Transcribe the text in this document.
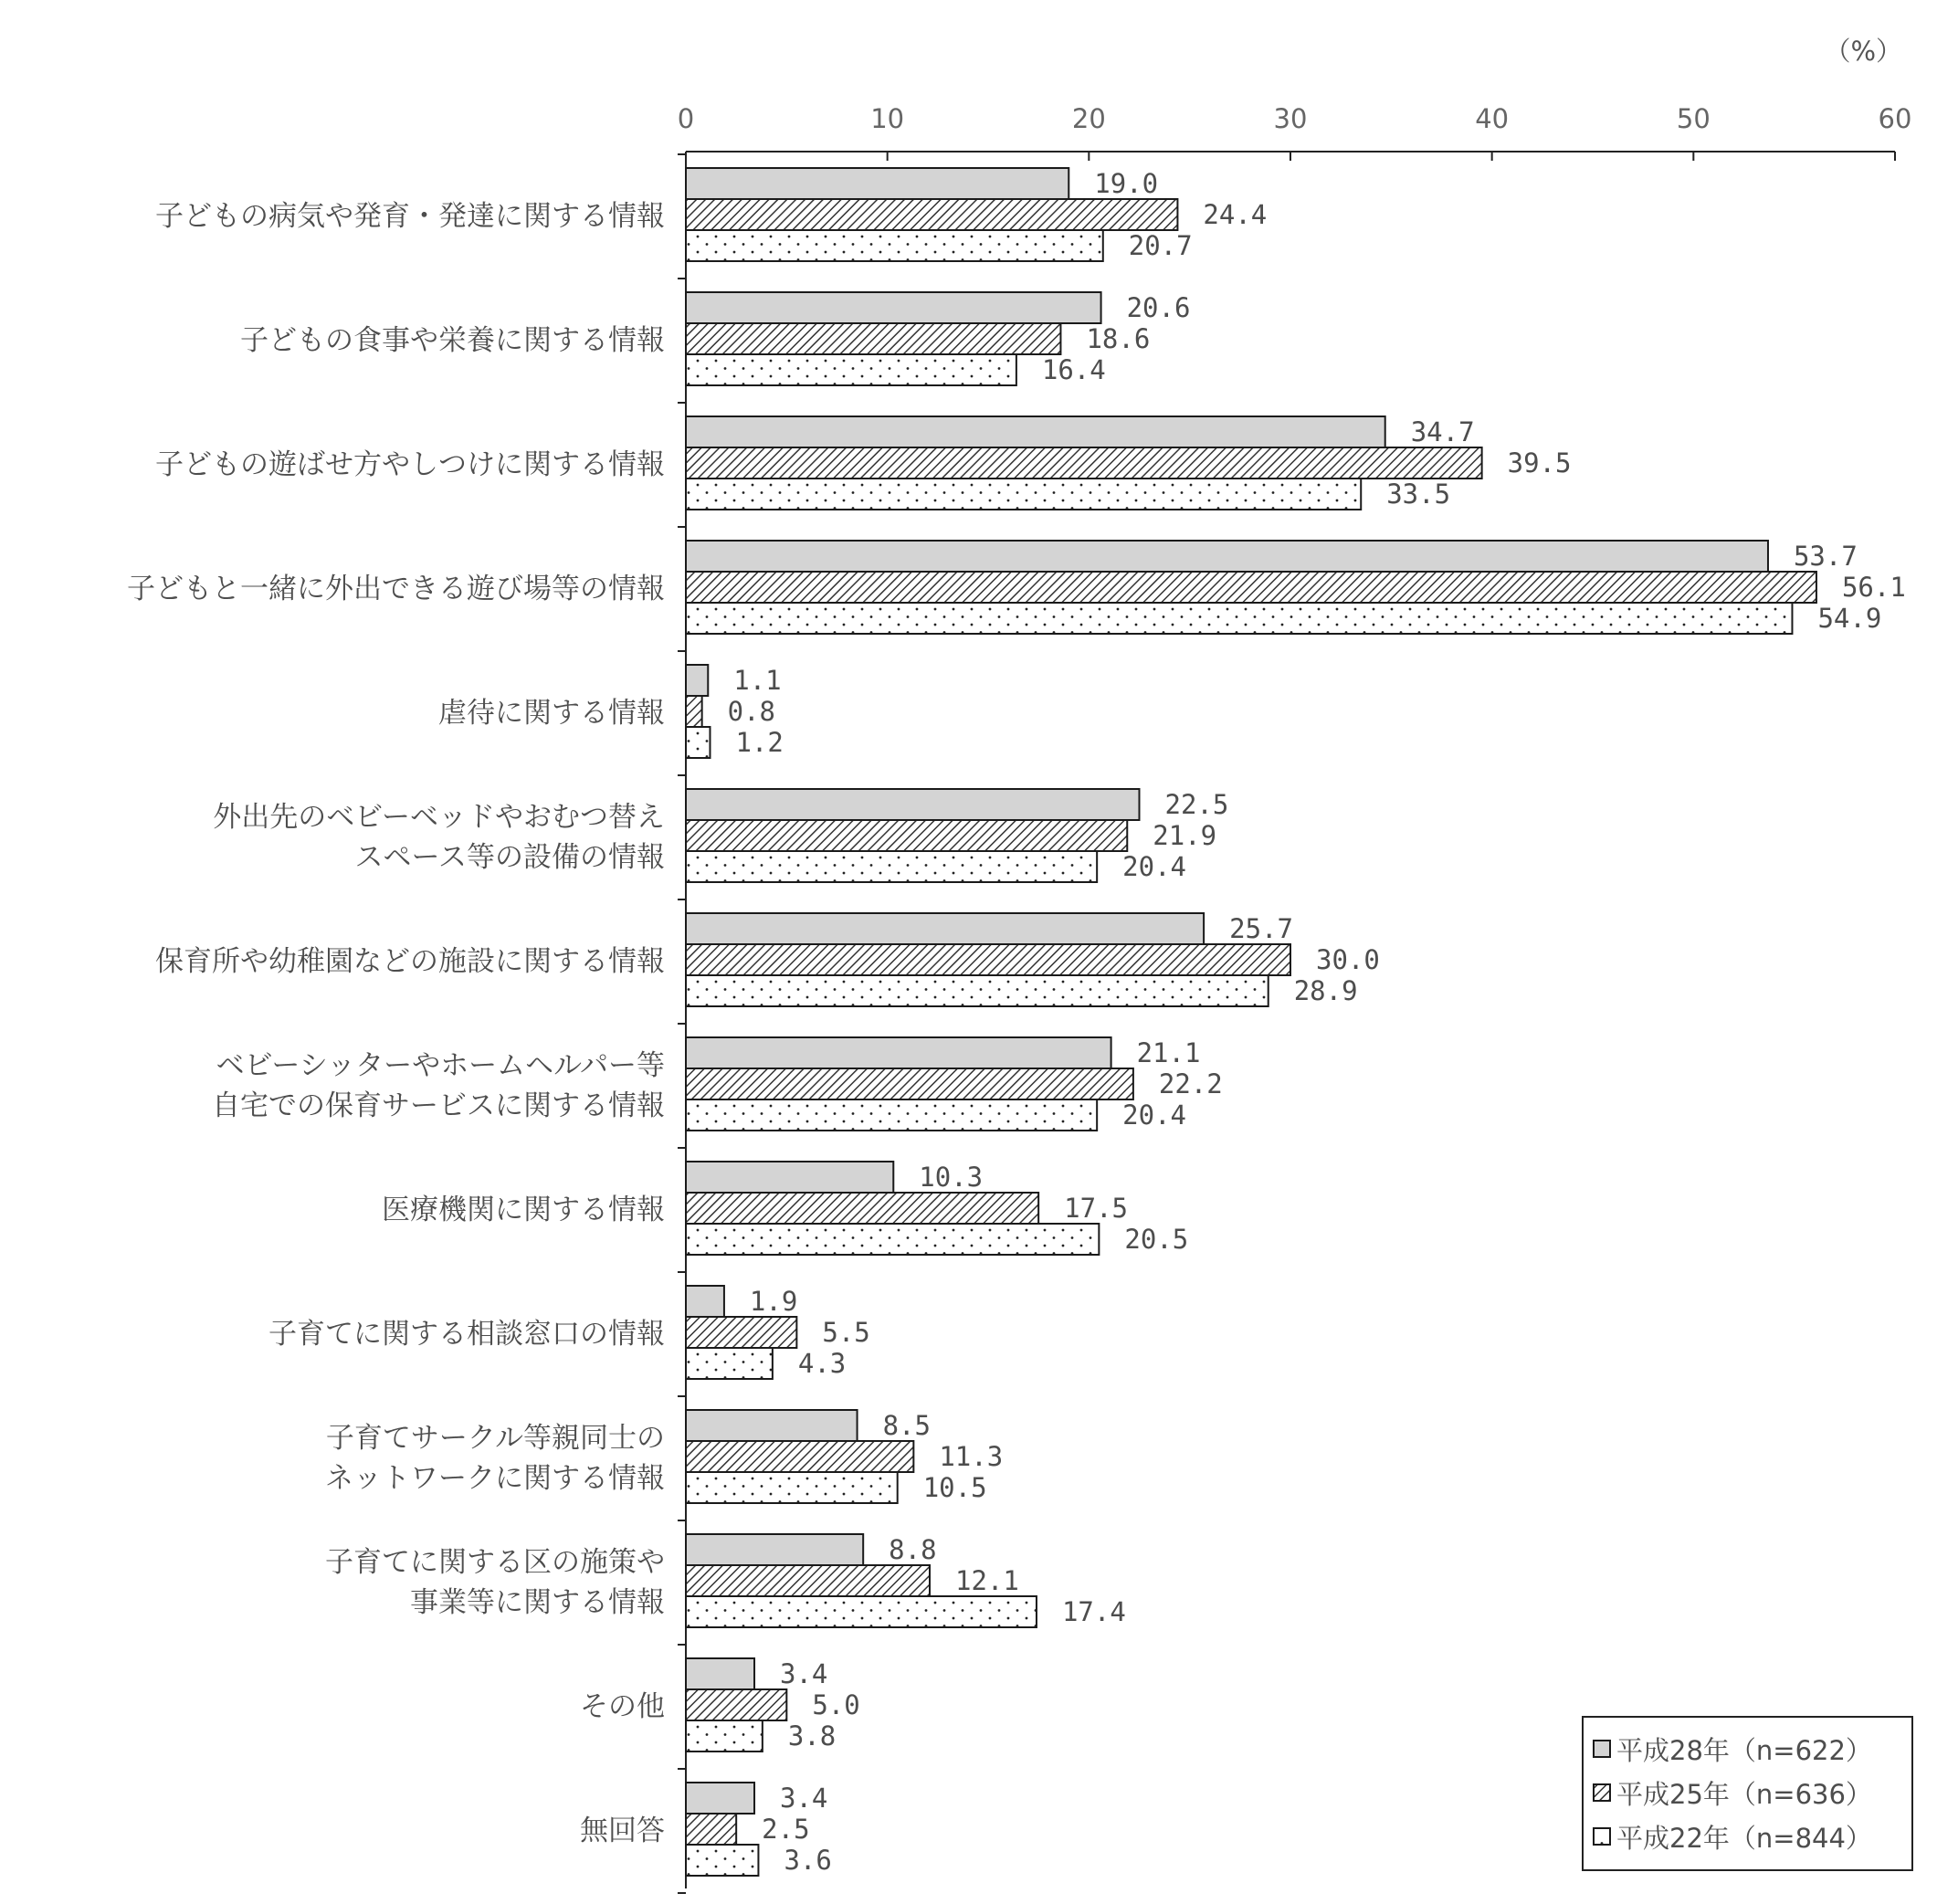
（%）
0	10	20	30	40	50	60
子どもの病気や発育・発達に関する情報
子どもの食事や栄養に関する情報
子どもの遊ばせ方やしつけに関する情報
子どもと一緒に外出できる遊び場等の情報
虐待に関する情報
外出先のベビーベッドやおむつ替え
スペース等の設備の情報
保育所や幼稚園などの施設に関する情報
ベビーシッターやホームヘルパー等
自宅での保育サービスに関する情報
医療機関に関する情報
子育てに関する相談窓口の情報
子育てサークル等親同士の
ネットワークに関する情報
子育てに関する区の施策や
事業等に関する情報
その他
無回答
19.0
20.6
34.7
53.7
1.1
22.5
25.7
21.1
10.3
1.9
8.5
8.8
3.4
3.4
24.4
18.6
39.5
56.1
0.8
21.9
30.0
22.2
17.5
5.5
11.3
12.1
5.0
2.5
20.7
16.4
33.5
54.9
1.2
20.4
28.9
20.4
20.5
4.3
10.5
17.4
3.8
3.6
平成28年（n=622）
平成25年（n=636）
平成22年（n=844）
